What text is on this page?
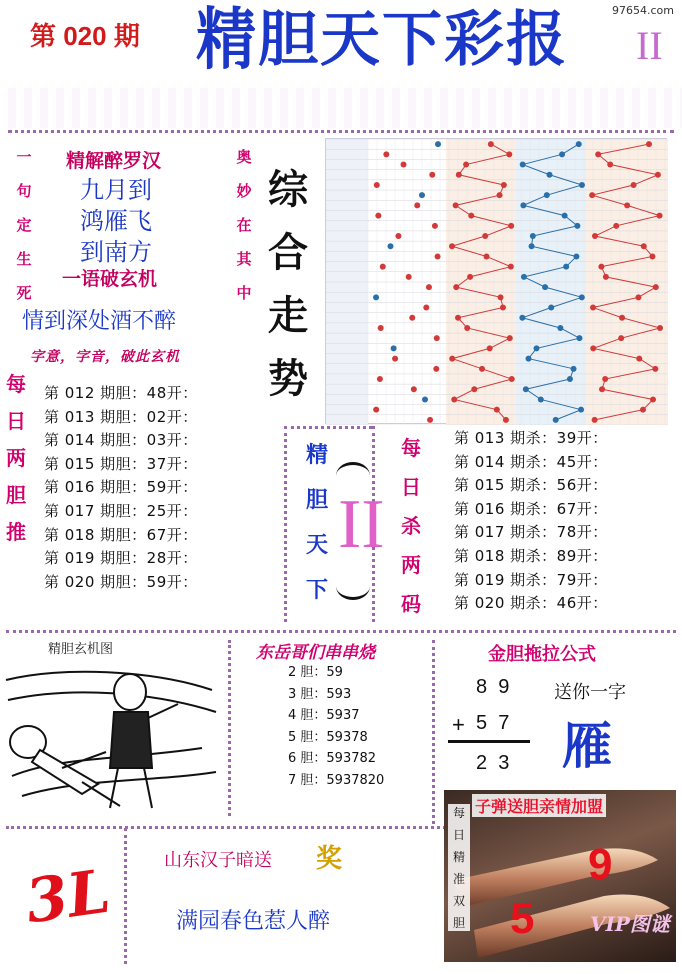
97654.com
第 020 期 精 胆 天 下 彩 报 II
一
句
定
生
死
奥
妙
在
其
中
精解醉罗汉
九月到
鸿雁飞
到南方
一语破玄机
情到深处酒不醉
字意，字音，破此玄机
综
合
走
势
每
日
两
胆
推
第 012 期胆：48开：
第 013 期胆：02开：
第 014 期胆：03开：
第 015 期胆：37开：
第 016 期胆：59开：
第 017 期胆：25开：
第 018 期胆：67开：
第 019 期胆：28开：
第 020 期胆：59开：
精
胆
天
下
II
每
日
杀
两
码
第 013 期杀：39开：
第 014 期杀：45开：
第 015 期杀：56开：
第 016 期杀：67开：
第 017 期杀：78开：
第 018 期杀：89开：
第 019 期杀：79开：
第 020 期杀：46开：
精胆玄机图	东岳哥们串串烧
2 胆：59
3 胆：593
4 胆：5937
5 胆：59378
6 胆：593782
7 胆：5937820
金胆拖拉公式
8  9
+ 5  7
2  3
送你一字
雁
3L	山东汉子暗送 奖
满园春色惹人醉
子弹送胆亲情加盟
每
日
精
准
双
胆
9
5	VIP图谜
